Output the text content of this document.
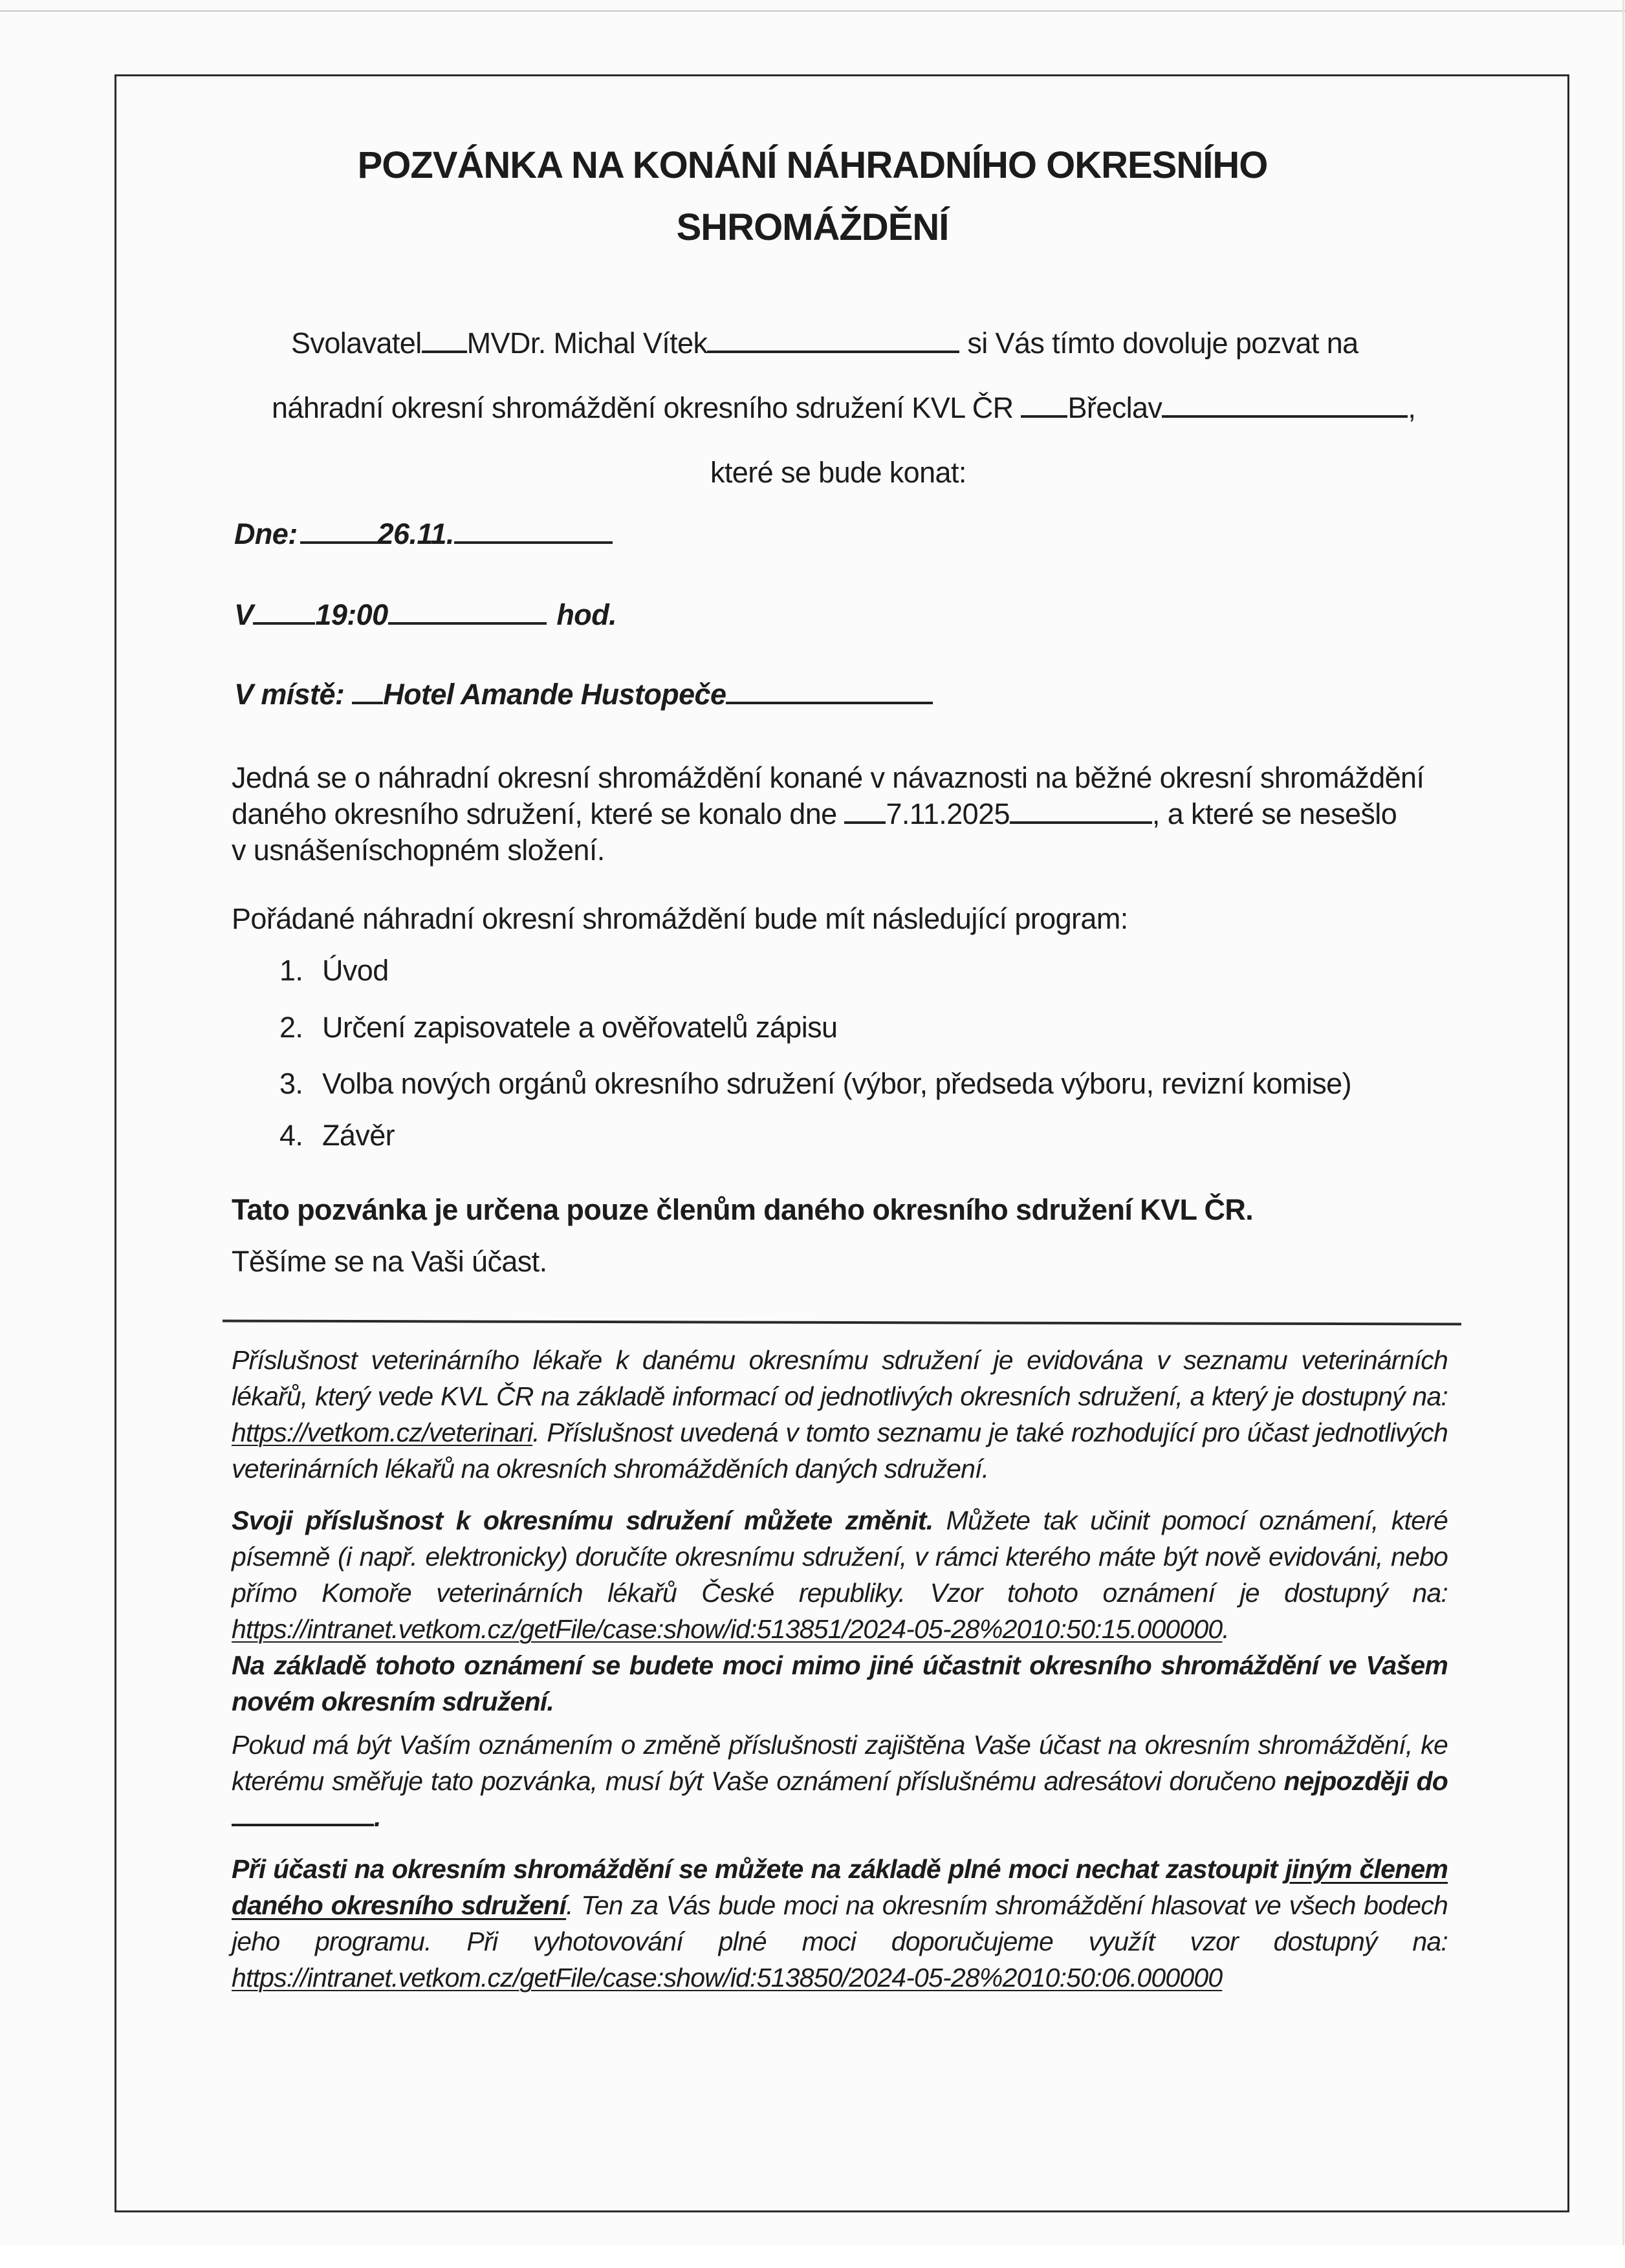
POZVÁNKA NA KONÁNÍ NÁHRADNÍHO OKRESNÍHO
SHROMÁŽDĚNÍ
Svolavatel MVDr. Michal Vítek	si Vás tímto dovoluje pozvat na
náhradní okresní shromáždění okresního sdružení KVL ČR Břeclav	,
které se bude konat:
Dne:	26.11.
V 19:00	hod.
V místě: Hotel Amande Hustopeče
Jedná se o náhradní okresní shromáždění konané v návaznosti na běžné okresní shromáždění
daného okresního sdružení, které se konalo dne 7.11.2025	, a které se nesešlo
v usnášeníschopném složení.
Pořádané náhradní okresní shromáždění bude mít následující program:
1. Úvod
2. Určení zapisovatele a ověřovatelů zápisu
3. Volba nových orgánů okresního sdružení (výbor, předseda výboru, revizní komise)
4. Závěr
Tato pozvánka je určena pouze členům daného okresního sdružení KVL ČR.
Těšíme se na Vaši účast.
Příslušnost veterinárního lékaře k danému okresnímu sdružení je evidována v seznamu veterinárních lékařů, který vede KVL ČR na základě informací od jednotlivých okresních sdružení, a který je dostupný na: https://vetkom.cz/veterinari. Příslušnost uvedená v tomto seznamu je také rozhodující pro účast jednotlivých veterinárních lékařů na okresních shromážděních daných sdružení.
Svoji příslušnost k okresnímu sdružení můžete změnit. Můžete tak učinit pomocí oznámení, které písemně (i např. elektronicky) doručíte okresnímu sdružení, v rámci kterého máte být nově evidováni, nebo přímo Komoře veterinárních lékařů České republiky. Vzor tohoto oznámení je dostupný na: https://intranet.vetkom.cz/getFile/case:show/id:513851/2024-05-28%2010:50:15.000000.
Na základě tohoto oznámení se budete moci mimo jiné účastnit okresního shromáždění ve Vašem novém okresním sdružení.
Pokud má být Vaším oznámením o změně příslušnosti zajištěna Vaše účast na okresním shromáždění, ke kterému směřuje tato pozvánka, musí být Vaše oznámení příslušnému adresátovi doručeno nejpozději do .
Při účasti na okresním shromáždění se můžete na základě plné moci nechat zastoupit jiným členem daného okresního sdružení. Ten za Vás bude moci na okresním shromáždění hlasovat ve všech bodech jeho programu. Při vyhotovování plné moci doporučujeme využít vzor dostupný na: https://intranet.vetkom.cz/getFile/case:show/id:513850/2024-05-28%2010:50:06.000000
